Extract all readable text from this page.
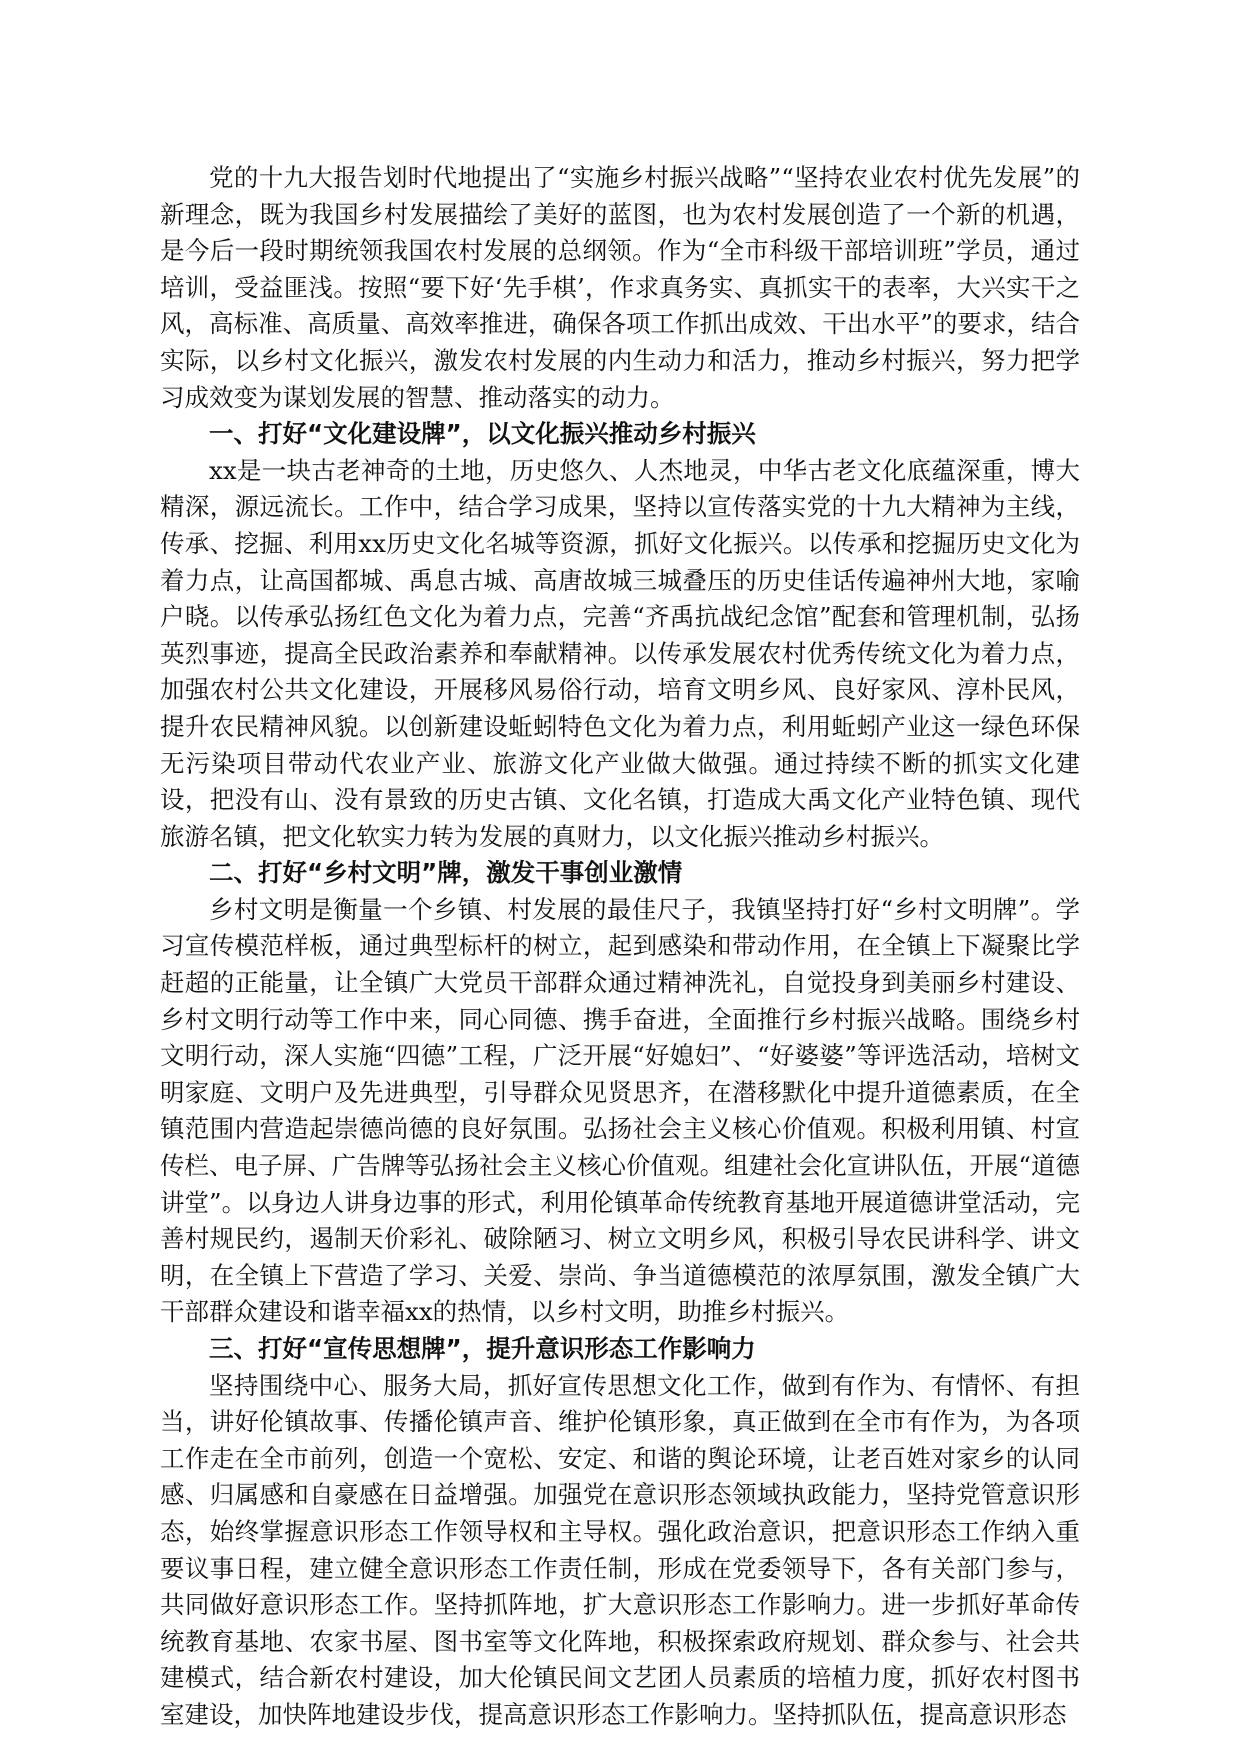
党的十九大报告划时代地提出了“实施乡村振兴战略”“坚持农业农村优先发展”的新理念，既为我国乡村发展描绘了美好的蓝图，也为农村发展创造了一个新的机遇，是今后一段时期统领我国农村发展的总纲领。作为“全市科级干部培训班”学员，通过培训，受益匪浅。按照“要下好‘先手棋’，作求真务实、真抓实干的表率，大兴实干之风，高标准、高质量、高效率推进，确保各项工作抓出成效、干出水平”的要求，结合实际，以乡村文化振兴，激发农村发展的内生动力和活力，推动乡村振兴，努力把学习成效变为谋划发展的智慧、推动落实的动力。

一、打好“文化建设牌”，以文化振兴推动乡村振兴

xx是一块古老神奇的土地，历史悠久、人杰地灵，中华古老文化底蕴深重，博大精深，源远流长。工作中，结合学习成果，坚持以宣传落实党的十九大精神为主线，传承、挖掘、利用xx历史文化名城等资源，抓好文化振兴。以传承和挖掘历史文化为着力点，让高国都城、禹息古城、高唐故城三城叠压的历史佳话传遍神州大地，家喻户晓。以传承弘扬红色文化为着力点，完善“齐禹抗战纪念馆”配套和管理机制，弘扬英烈事迹，提高全民政治素养和奉献精神。以传承发展农村优秀传统文化为着力点，加强农村公共文化建设，开展移风易俗行动，培育文明乡风、良好家风、淳朴民风，提升农民精神风貌。以创新建设蚯蚓特色文化为着力点，利用蚯蚓产业这一绿色环保无污染项目带动代农业产业、旅游文化产业做大做强。通过持续不断的抓实文化建设，把没有山、没有景致的历史古镇、文化名镇，打造成大禹文化产业特色镇、现代旅游名镇，把文化软实力转为发展的真财力，以文化振兴推动乡村振兴。

二、打好“乡村文明”牌，激发干事创业激情

乡村文明是衡量一个乡镇、村发展的最佳尺子，我镇坚持打好“乡村文明牌”。学习宣传模范样板，通过典型标杆的树立，起到感染和带动作用，在全镇上下凝聚比学赶超的正能量，让全镇广大党员干部群众通过精神洗礼，自觉投身到美丽乡村建设、乡村文明行动等工作中来，同心同德、携手奋进，全面推行乡村振兴战略。围绕乡村文明行动，深人实施“四德”工程，广泛开展“好媳妇”、“好婆婆”等评选活动，培树文明家庭、文明户及先进典型，引导群众见贤思齐，在潜移默化中提升道德素质，在全镇范围内营造起崇德尚德的良好氛围。弘扬社会主义核心价值观。积极利用镇、村宣传栏、电子屏、广告牌等弘扬社会主义核心价值观。组建社会化宣讲队伍，开展“道德讲堂”。以身边人讲身边事的形式，利用伦镇革命传统教育基地开展道德讲堂活动，完善村规民约，遏制天价彩礼、破除陋习、树立文明乡风，积极引导农民讲科学、讲文明，在全镇上下营造了学习、关爱、崇尚、争当道德模范的浓厚氛围，激发全镇广大干部群众建设和谐幸福xx的热情，以乡村文明，助推乡村振兴。

三、打好“宣传思想牌”，提升意识形态工作影响力

坚持围绕中心、服务大局，抓好宣传思想文化工作，做到有作为、有情怀、有担当，讲好伦镇故事、传播伦镇声音、维护伦镇形象，真正做到在全市有作为，为各项工作走在全市前列，创造一个宽松、安定、和谐的舆论环境，让老百姓对家乡的认同感、归属感和自豪感在日益增强。加强党在意识形态领域执政能力，坚持党管意识形态，始终掌握意识形态工作领导权和主导权。强化政治意识，把意识形态工作纳入重要议事日程，建立健全意识形态工作责任制，形成在党委领导下，各有关部门参与，共同做好意识形态工作。坚持抓阵地，扩大意识形态工作影响力。进一步抓好革命传统教育基地、农家书屋、图书室等文化阵地，积极探索政府规划、群众参与、社会共建模式，结合新农村建设，加大伦镇民间文艺团人员素质的培植力度，抓好农村图书室建设，加快阵地建设步伐，提高意识形态工作影响力。坚持抓队伍，提高意识形态
